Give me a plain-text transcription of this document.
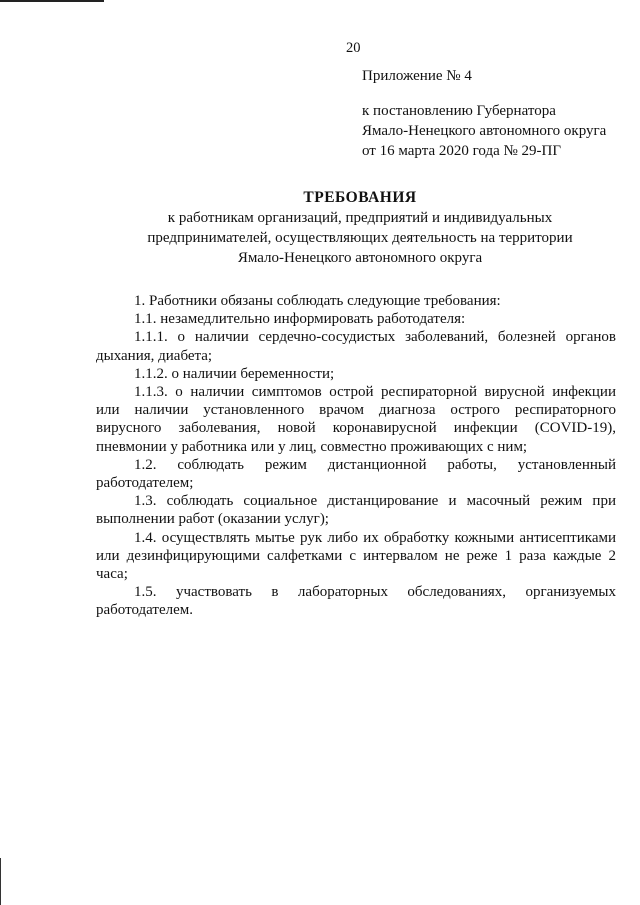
20
Приложение № 4
к постановлению Губернатора
Ямало-Ненецкого автономного округа
от 16 марта 2020 года № 29-ПГ
ТРЕБОВАНИЯ
к работникам организаций, предприятий и индивидуальных
предпринимателей, осуществляющих деятельность на территории
Ямало-Ненецкого автономного округа

1. Работники обязаны соблюдать следующие требования:

1.1. незамедлительно информировать работодателя:

1.1.1. о наличии сердечно-сосудистых заболеваний, болезней органов дыхания, диабета;

1.1.2. о наличии беременности;

1.1.3. о наличии симптомов острой респираторной вирусной инфекции или наличии установленного врачом диагноза острого респираторного вирусного заболевания, новой коронавирусной инфекции (COVID-19), пневмонии у работника или у лиц, совместно проживающих с ним;

1.2. соблюдать режим дистанционной работы, установленный работодателем;

1.3. соблюдать социальное дистанцирование и масочный режим при выполнении работ (оказании услуг);

1.4. осуществлять мытье рук либо их обработку кожными антисептиками или дезинфицирующими салфетками с интервалом не реже 1 раза каждые 2 часа;

1.5. участвовать в лабораторных обследованиях, организуемых работодателем.
